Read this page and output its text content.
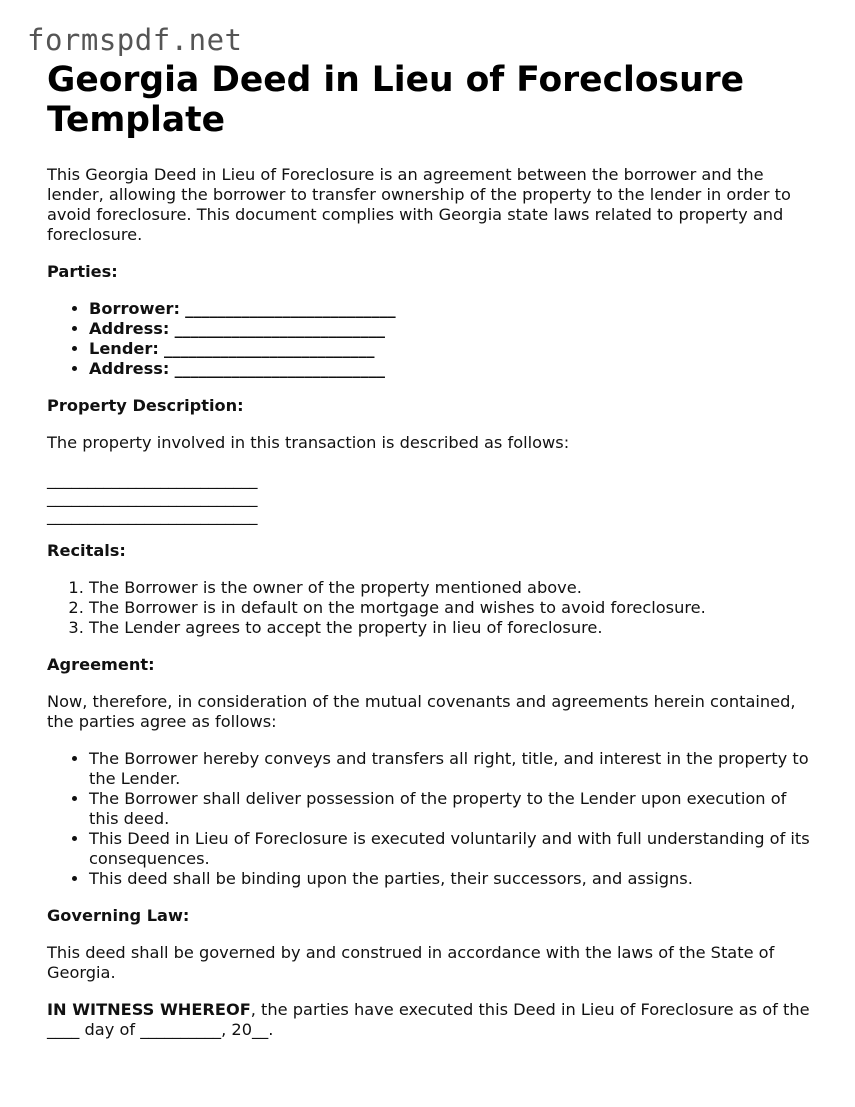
formspdf.net
Georgia Deed in Lieu of Foreclosure Template

This Georgia Deed in Lieu of Foreclosure is an agreement between the borrower and the lender, allowing the borrower to transfer ownership of the property to the lender in order to avoid foreclosure. This document complies with Georgia state laws related to property and foreclosure.

Parties:
• Borrower: __________________________
• Address: __________________________
• Lender: __________________________
• Address: __________________________
Property Description:

The property involved in this transaction is described as follows:

__________________________
__________________________
__________________________
Recitals:
1. The Borrower is the owner of the property mentioned above.
2. The Borrower is in default on the mortgage and wishes to avoid foreclosure.
3. The Lender agrees to accept the property in lieu of foreclosure.
Agreement:

Now, therefore, in consideration of the mutual covenants and agreements herein contained, the parties agree as follows:

• The Borrower hereby conveys and transfers all right, title, and interest in the property to the Lender.
• The Borrower shall deliver possession of the property to the Lender upon execution of this deed.
• This Deed in Lieu of Foreclosure is executed voluntarily and with full understanding of its consequences.
• This deed shall be binding upon the parties, their successors, and assigns.
Governing Law:

This deed shall be governed by and construed in accordance with the laws of the State of Georgia.

IN WITNESS WHEREOF, the parties have executed this Deed in Lieu of Foreclosure as of the ____ day of __________, 20__.
